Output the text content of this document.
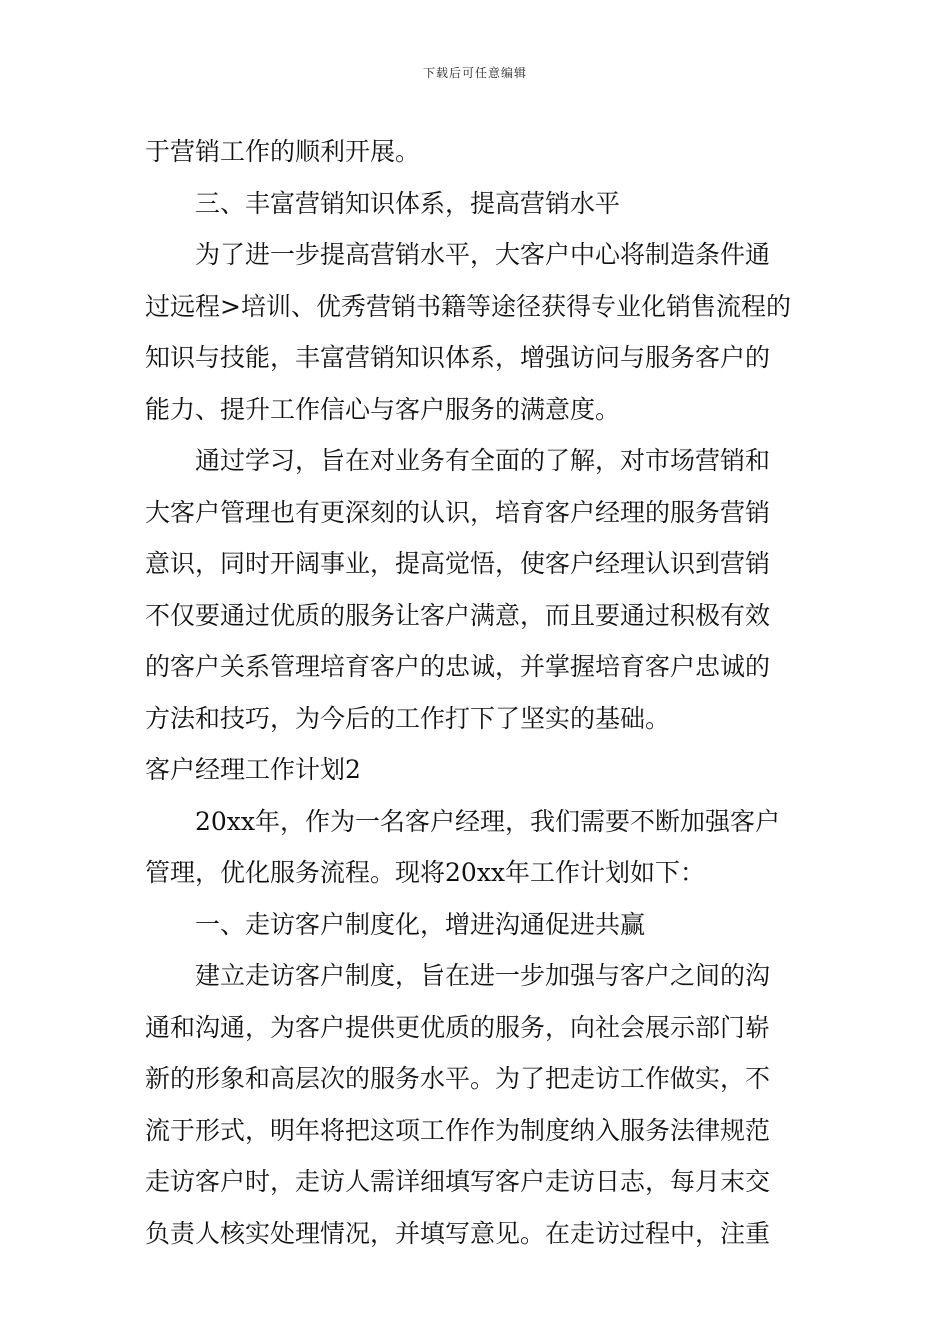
下载后可任意编辑
于营销工作的顺利开展。
三、丰富营销知识体系，提高营销水平
为了进一步提高营销水平，大客户中心将制造条件通
过远程>培训、优秀营销书籍等途径获得专业化销售流程的
知识与技能，丰富营销知识体系，增强访问与服务客户的
能力、提升工作信心与客户服务的满意度。
通过学习，旨在对业务有全面的了解，对市场营销和
大客户管理也有更深刻的认识，培育客户经理的服务营销
意识，同时开阔事业，提高觉悟，使客户经理认识到营销
不仅要通过优质的服务让客户满意，而且要通过积极有效
的客户关系管理培育客户的忠诚，并掌握培育客户忠诚的
方法和技巧，为今后的工作打下了坚实的基础。
客户经理工作计划2
20xx年，作为一名客户经理，我们需要不断加强客户
管理，优化服务流程。现将20xx年工作计划如下：
一、走访客户制度化，增进沟通促进共赢
建立走访客户制度，旨在进一步加强与客户之间的沟
通和沟通，为客户提供更优质的服务，向社会展示部门崭
新的形象和高层次的服务水平。为了把走访工作做实，不
流于形式，明年将把这项工作作为制度纳入服务法律规范
走访客户时，走访人需详细填写客户走访日志，每月末交
负责人核实处理情况，并填写意见。在走访过程中，注重
